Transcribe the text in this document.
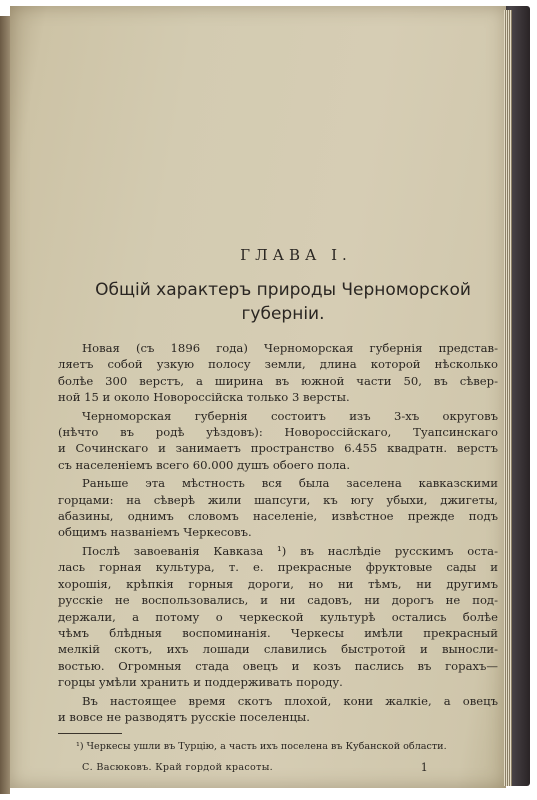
ГЛАВА I.
Общій характеръ природы Черноморской
губерніи.
Новая (съ 1896 года) Черноморская губернія представ-
ляетъ собой узкую полосу земли, длина которой нѣсколько
болѣе 300 верстъ, а ширина въ южной части 50, въ сѣвер-
ной 15 и около Новороссійска только 3 версты.
Черноморская губернія состоитъ изъ 3-хъ округовъ
(нѣчто въ родѣ уѣздовъ): Новороссійскаго, Туапсинскаго
и Сочинскаго и занимаетъ пространство 6.455 квадратн. верстъ
съ населеніемъ всего 60.000 душъ обоего пола.
Раньше эта мѣстность вся была заселена кавказскими
горцами: на сѣверѣ жили шапсуги, къ югу убыхи, джигеты,
абазины, однимъ словомъ населеніе, извѣстное прежде подъ
общимъ названіемъ Черкесовъ.
Послѣ завоеванія Кавказа ¹) въ наслѣдіе русскимъ оста-
лась горная культура, т. е. прекрасные фруктовые сады и
хорошія, крѣпкія горныя дороги, но ни тѣмъ, ни другимъ
русскіе не воспользовались, и ни садовъ, ни дорогъ не под-
держали, а потому о черкеской культурѣ остались болѣе
чѣмъ блѣдныя воспоминанія. Черкесы имѣли прекрасный
мелкій скотъ, ихъ лошади славились быстротой и выносли-
востью. Огромныя стада овецъ и козъ паслись въ горахъ—
горцы умѣли хранить и поддерживать породу.
Въ настоящее время скотъ плохой, кони жалкіе, а овецъ
и вовсе не разводятъ русскіе поселенцы.
¹) Черкесы ушли въ Турцію, а часть ихъ поселена въ Кубанской области.
С. Васюковъ. Край гордой красоты.	1
